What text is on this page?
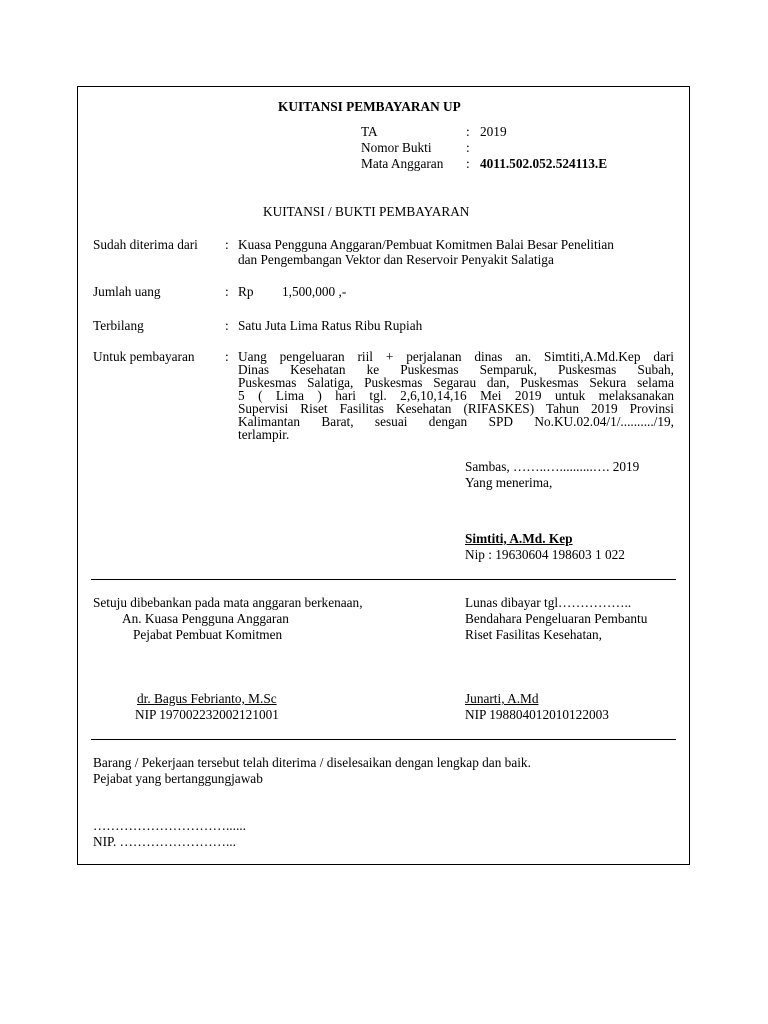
KUITANSI PEMBAYARAN UP
TA	: 2019
Nomor Bukti	:
Mata Anggaran : 4011.502.052.524113.E
KUITANSI / BUKTI PEMBAYARAN
Sudah diterima dari : Kuasa Pengguna Anggaran/Pembuat Komitmen Balai Besar Penelitian
dan Pengembangan Vektor dan Reservoir Penyakit Salatiga
Jumlah uang	: Rp 1,500,000 ,-
Terbilang	: Satu Juta Lima Ratus Ribu Rupiah
Untuk pembayaran : Uang pengeluaran riil + perjalanan dinas an. Simtiti,A.Md.Kep dari
Dinas Kesehatan ke Puskesmas Semparuk, Puskesmas Subah,
Puskesmas Salatiga, Puskesmas Segarau dan, Puskesmas Sekura selama
5 ( Lima ) hari tgl. 2,6,10,14,16 Mei 2019 untuk melaksanakan
Supervisi Riset Fasilitas Kesehatan (RIFASKES) Tahun 2019 Provinsi
Kalimantan Barat, sesuai dengan SPD No.KU.02.04/1/........../19,
terlampir.
Sambas, ……..…..........…. 2019
Yang menerima,
Simtiti, A.Md. Kep
Nip : 19630604 198603 1 022
Setuju dibebankan pada mata anggaran berkenaan,
An. Kuasa Pengguna Anggaran
Pejabat Pembuat Komitmen
dr. Bagus Febrianto, M.Sc
NIP 197002232002121001
Lunas dibayar tgl……………..
Bendahara Pengeluaran Pembantu
Riset Fasilitas Kesehatan,
Junarti, A.Md
NIP 198804012010122003
Barang / Pekerjaan tersebut telah diterima / diselesaikan dengan lengkap dan baik.
Pejabat yang bertanggungjawab
…………………………......
NIP. ……………………...
